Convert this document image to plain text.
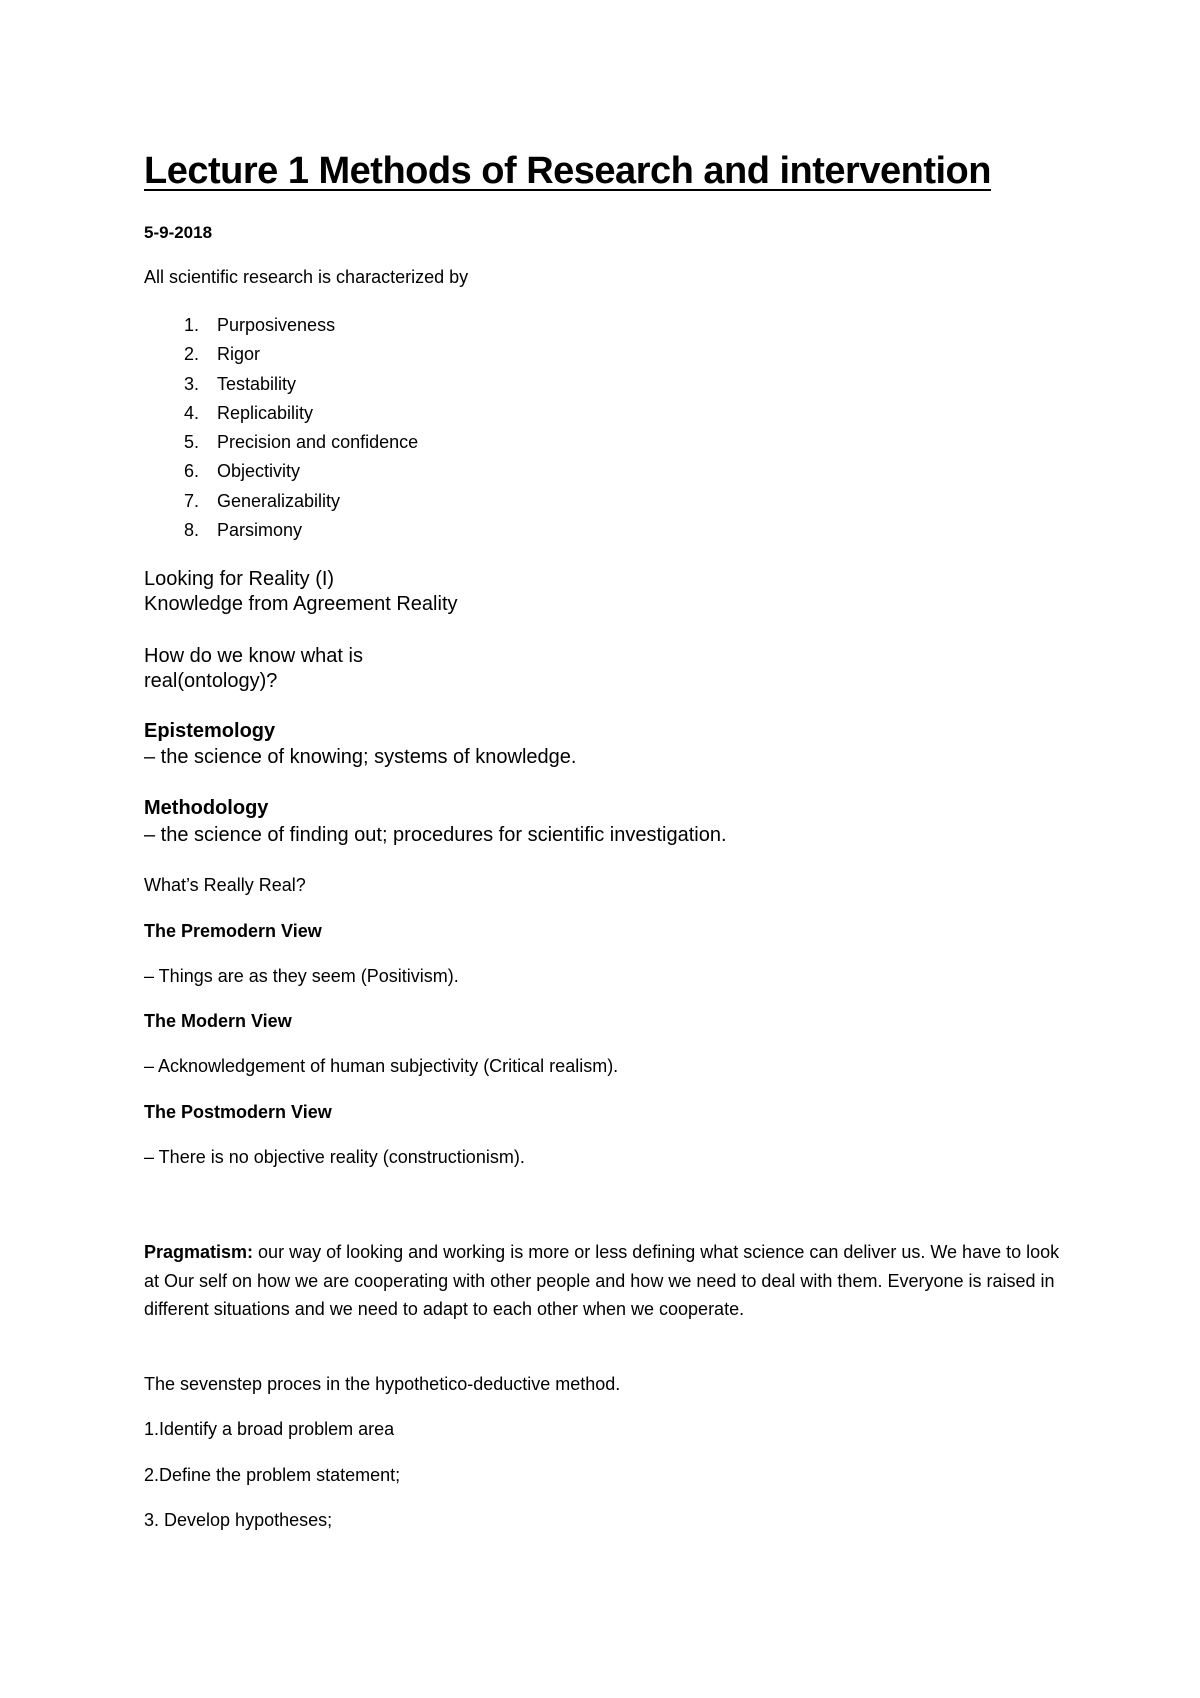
Lecture 1 Methods of Research and intervention
5-9-2018
All scientific research is characterized by
1. Purposiveness
2. Rigor
3. Testability
4. Replicability
5. Precision and confidence
6. Objectivity
7. Generalizability
8. Parsimony
Looking for Reality (I)
Knowledge from Agreement Reality
How do we know what is
real(ontology)?
Epistemology
– the science of knowing; systems of knowledge.
Methodology
– the science of finding out; procedures for scientific investigation.
What’s Really Real?
The Premodern View
– Things are as they seem (Positivism).
The Modern View
– Acknowledgement of human subjectivity (Critical realism).
The Postmodern View
– There is no objective reality (constructionism).
Pragmatism: our way of looking and working is more or less defining what science can deliver us. We have to look at Our self on how we are cooperating with other people and how we need to deal with them. Everyone is raised in different situations and we need to adapt to each other when we cooperate.
The sevenstep proces in the hypothetico-deductive method.
1.Identify a broad problem area
2.Define the problem statement;
3. Develop hypotheses;
